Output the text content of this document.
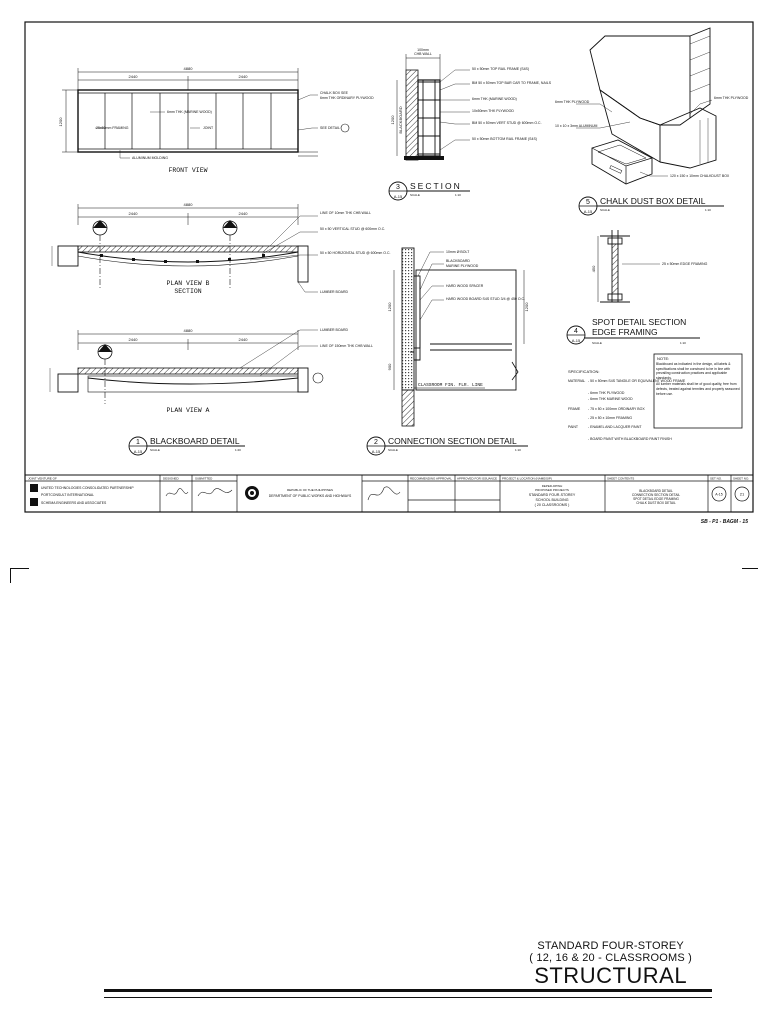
4880
2440	2440
1200
CHALK BOX SEE
6mm THK ORDINARY PLYWOOD
SEE DETAIL
6mm THK (MARINE WOOD)
25x50mm FRAMING	JOINT
ALUMINUM MOLDING
FRONT VIEW
4880
2440	2440	LINE OF 10mm THK CHB WALL
50 x 50 VERTICAL STUD @ 600mm O.C.
50 x 50 HORIZONTAL STUD @ 600mm O.C.
LUMBER BOARD
PLAN VIEW B
SECTION
4880
2440	2440
LUMBER BOARD
LINE OF 150mm THK CHB WALL
PLAN VIEW A
1
A-15
BLACKBOARD DETAIL
SCALE	1:20
100mm
CHB WALL
1200 BLACKBOARD
50 x 50mm TOP RAIL FRAME (S4S)
BM 50 x 50mm TOP BAR CAR TO FRAME, NAILS
6mm THK (MARINE WOOD)
10x50mm THK PLYWOOD
BM 50 x 50mm VERT STUD @ 600mm O.C.
50 x 50mm BOTTOM RAIL FRAME (S4S)
3
A-15
SECTION
SCALE	1:10
10mm Ø BOLT
BLACKBOARD
MARINE PLYWOOD
HARD WOOD SPACER
HARD WOOD BOARD S4S STUD 3/4 @ 450 O.C.
1200	1200
900
CLASSROOM FIN. FLR. LINE
2
A-15
CONNECTION SECTION DETAIL
SCALE	1:10
6mm THK PLYWOOD
10 x 10 x 3mm ALUMINUM
6mm THK PLYWOOD
120 x 150 x 10mm CHALKDUST BOX
5
A-15
CHALK DUST BOX DETAIL
SCALE	1:10
450
25 x 50mm EDGE FRAMING
4
A-15
SPOT DETAIL SECTION
EDGE FRAMING
SCALE	1:10
SPECIFICATION:
MATERIAL - 50 x 50mm S4S TANGILE OR EQUIVALENT WOOD FRAME
- 6mm THK PLYWOOD
- 6mm THK MARINE WOOD
FRAME - 75 x 50 x 100mm ORDINARY BOX
- 25 x 50 x 10mm FRAMING
PAINT	- ENAMEL AND LACQUER PAINT
- BOARD PAINT WITH BLACKBOARD PAINT FINISH
NOTE:
Blackboard as indicated in the design, all labels & specifications shall be construed to be in line with prevailing construction practices and applicable standards.
All lumber materials shall be of good quality, free from defects, treated against termites and properly seasoned before use.
JOINT VENTURE OF
UNITED TECHNOLOGIES CONSOLIDATED PARTNERSHIP
PORTCONSULT INTERNATIONAL
SCHEMA ENGINEERS AND ASSOCIATES
DESIGNED	SUBMITTED
REPUBLIC OF THE PHILIPPINES
DEPARTMENT OF PUBLIC WORKS AND HIGHWAYS
RECOMMENDING APPROVAL APPROVED FOR ISSUANCE PROJECT & LOCATION (NAME/SIP)
DEPED-DPWH
PROPOSED PROJECTS
STANDARD FOUR-STOREY
SCHOOL BUILDING
( 20 CLASSROOMS )
SHEET CONTENTS
BLACKBOARD DETAIL
CONNECTION SECTION DETAIL
SPOT DETAIL EDGE FRAMING
CHALK DUST BOX DETAIL
SET NO.	SHEET NO.
A-15	21
SB - P1 - BAGM - 15
STANDARD FOUR-STOREY
( 12, 16 & 20 - CLASSROOMS )
STRUCTURAL
